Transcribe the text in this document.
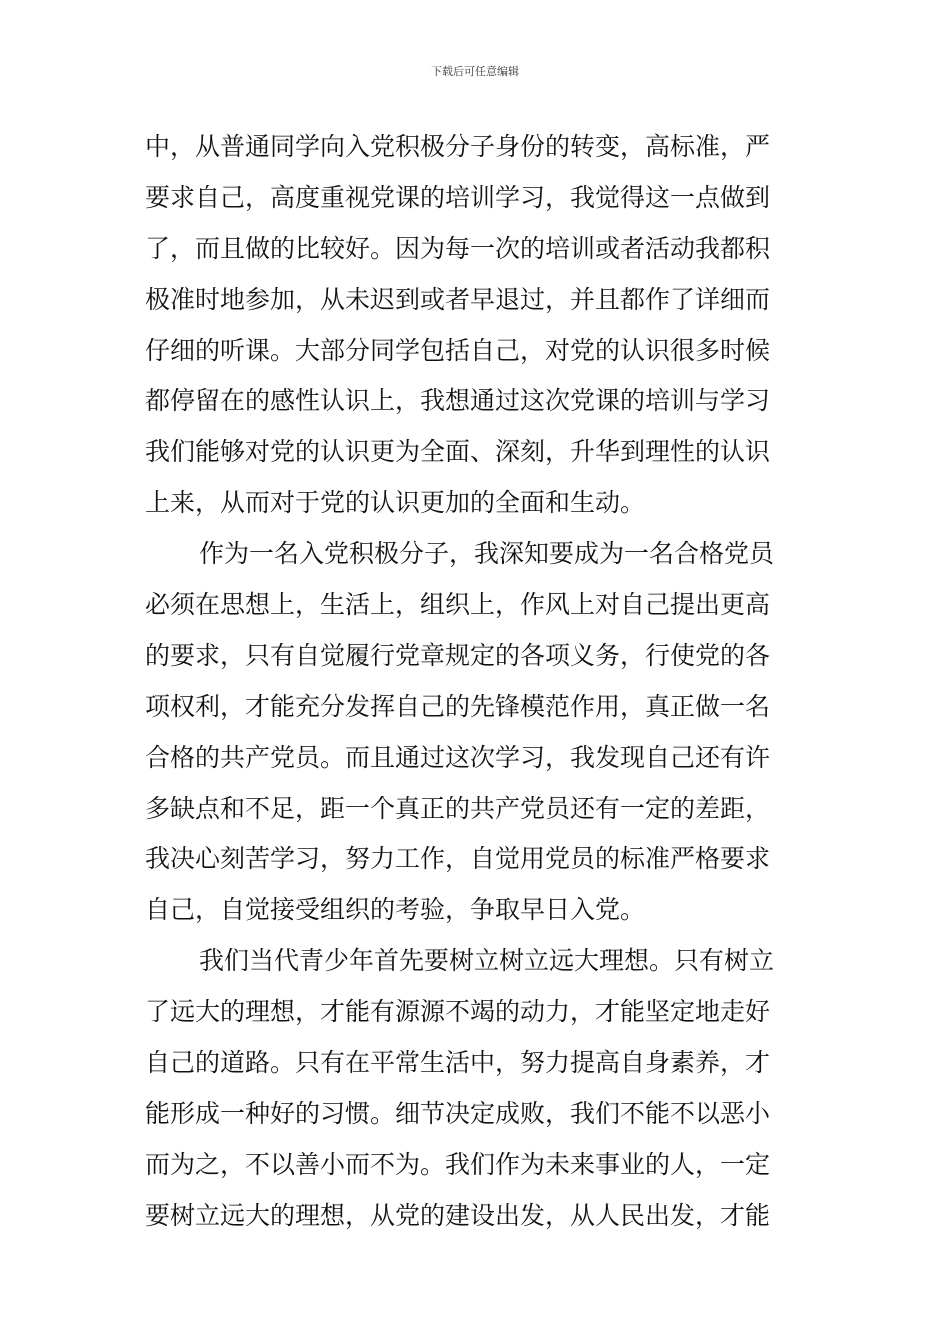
下载后可任意编辑
中，从普通同学向入党积极分子身份的转变，高标准，严
要求自己，高度重视党课的培训学习，我觉得这一点做到
了，而且做的比较好。因为每一次的培训或者活动我都积
极准时地参加，从未迟到或者早退过，并且都作了详细而
仔细的听课。大部分同学包括自己，对党的认识很多时候
都停留在的感性认识上，我想通过这次党课的培训与学习
我们能够对党的认识更为全面、深刻，升华到理性的认识
上来，从而对于党的认识更加的全面和生动。
作为一名入党积极分子，我深知要成为一名合格党员
必须在思想上，生活上，组织上，作风上对自己提出更高
的要求，只有自觉履行党章规定的各项义务，行使党的各
项权利，才能充分发挥自己的先锋模范作用，真正做一名
合格的共产党员。而且通过这次学习，我发现自己还有许
多缺点和不足，距一个真正的共产党员还有一定的差距，
我决心刻苦学习，努力工作，自觉用党员的标准严格要求
自己，自觉接受组织的考验，争取早日入党。
我们当代青少年首先要树立树立远大理想。只有树立
了远大的理想，才能有源源不竭的动力，才能坚定地走好
自己的道路。只有在平常生活中，努力提高自身素养，才
能形成一种好的习惯。细节决定成败，我们不能不以恶小
而为之，不以善小而不为。我们作为未来事业的人，一定
要树立远大的理想，从党的建设出发，从人民出发，才能
